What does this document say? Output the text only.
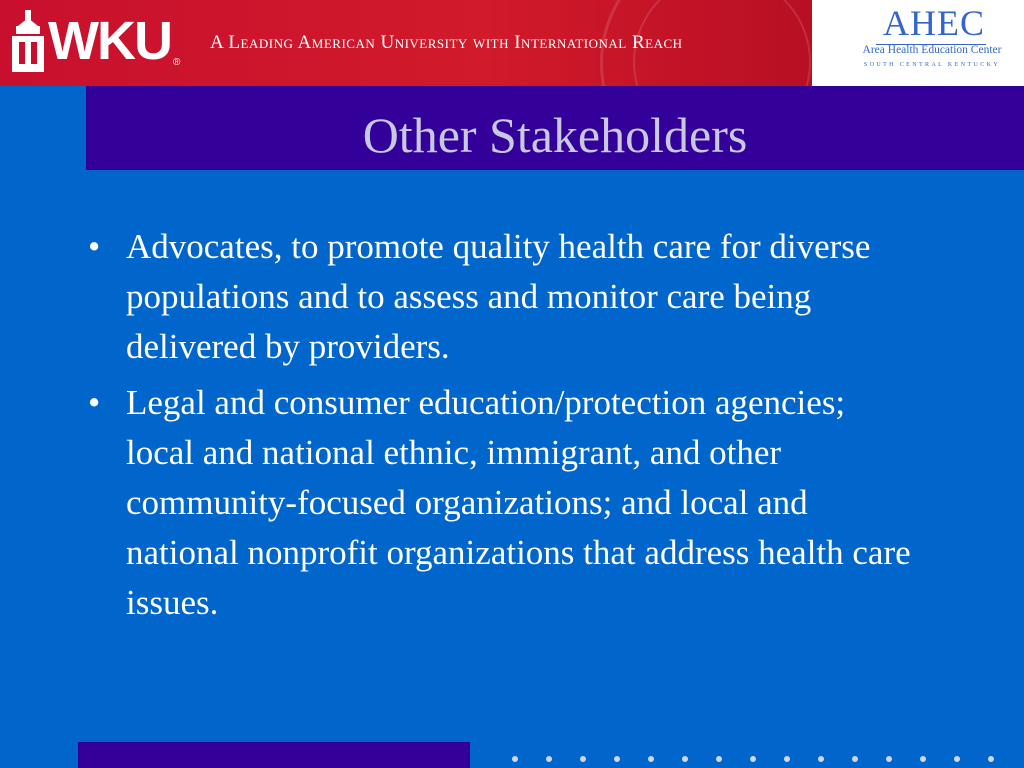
WKU ®
A Leading American University with International Reach	AHEC
Area Health Education Center
SOUTH CENTRAL KENTUCKY
Other Stakeholders
• Advocates, to promote quality health care for diverse populations and to assess and monitor care being delivered by providers.
• Legal and consumer education/protection agencies; local and national ethnic, immigrant, and other community-focused organizations; and local and national nonprofit organizations that address health care issues.
